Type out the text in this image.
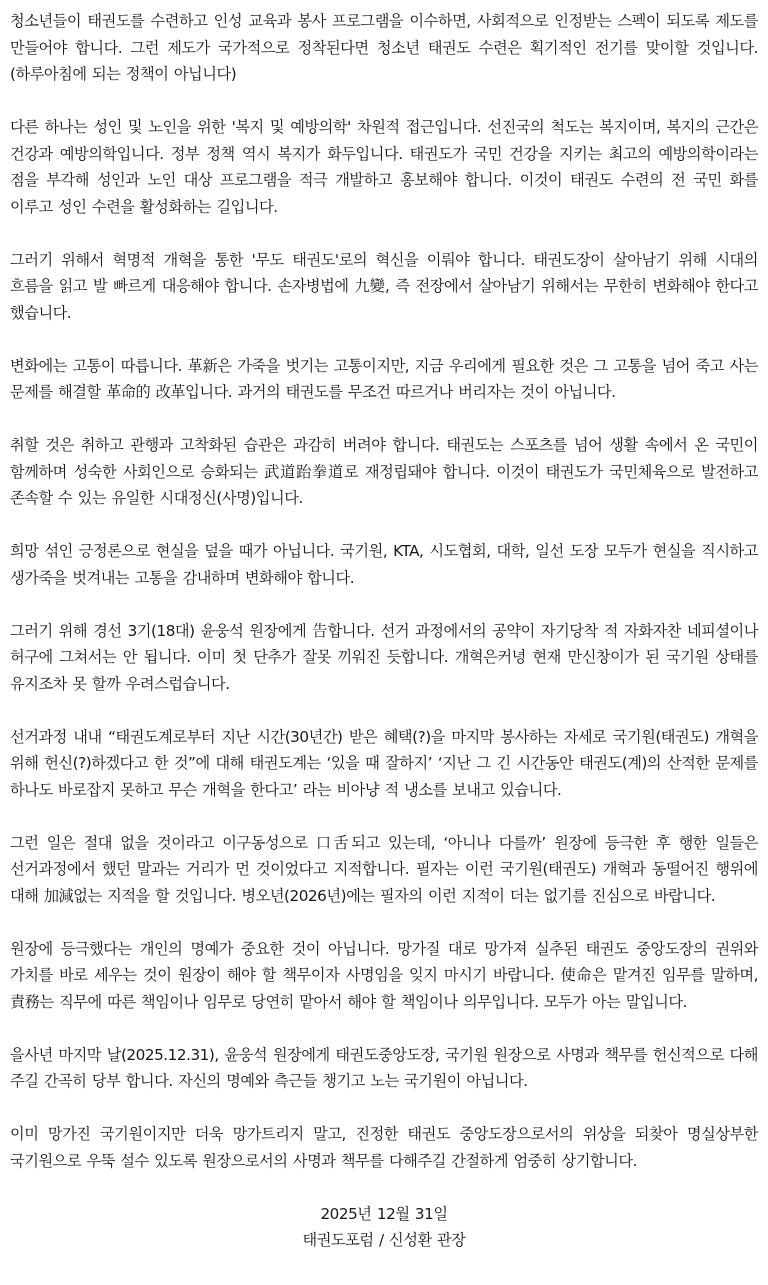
청소년들이 태권도를 수련하고 인성 교육과 봉사 프로그램을 이수하면, 사회적으로 인정받는 스펙이 되도록 제도를 만들어야 합니다. 그런 제도가 국가적으로 정착된다면 청소년 태권도 수련은 획기적인 전기를 맞이할 것입니다.(하루아침에 되는 정책이 아닙니다)

다른 하나는 성인 및 노인을 위한 '복지 및 예방의학' 차원적 접근입니다. 선진국의 척도는 복지이며, 복지의 근간은 건강과 예방의학입니다. 정부 정책 역시 복지가 화두입니다. 태권도가 국민 건강을 지키는 최고의 예방의학이라는 점을 부각해 성인과 노인 대상 프로그램을 적극 개발하고 홍보해야 합니다. 이것이 태권도 수련의 전 국민 화를 이루고 성인 수련을 활성화하는 길입니다.

그러기 위해서 혁명적 개혁을 통한 '무도 태권도'로의 혁신을 이뤄야 합니다. 태권도장이 살아남기 위해 시대의 흐름을 읽고 발 빠르게 대응해야 합니다. 손자병법에 九變, 즉 전장에서 살아남기 위해서는 무한히 변화해야 한다고 했습니다.

변화에는 고통이 따릅니다. 革新은 가죽을 벗기는 고통이지만, 지금 우리에게 필요한 것은 그 고통을 넘어 죽고 사는 문제를 해결할 革命的 改革입니다. 과거의 태권도를 무조건 따르거나 버리자는 것이 아닙니다.

취할 것은 취하고 관행과 고착화된 습관은 과감히 버려야 합니다. 태권도는 스포츠를 넘어 생활 속에서 온 국민이 함께하며 성숙한 사회인으로 승화되는 武道跆拳道로 재정립돼야 합니다. 이것이 태권도가 국민체육으로 발전하고 존속할 수 있는 유일한 시대정신(사명)입니다.

희망 섞인 긍정론으로 현실을 덮을 때가 아닙니다. 국기원, KTA, 시도협회, 대학, 일선 도장 모두가 현실을 직시하고 생가죽을 벗겨내는 고통을 감내하며 변화해야 합니다.

그러기 위해 경선 3기(18대) 윤웅석 원장에게 告합니다. 선거 과정에서의 공약이 자기당착 적 자화자찬 네피셜이나 허구에 그쳐서는 안 됩니다. 이미 첫 단추가 잘못 끼워진 듯합니다. 개혁은커녕 현재 만신창이가 된 국기원 상태를 유지조차 못 할까 우려스럽습니다.

선거과정 내내 “태권도계로부터 지난 시간(30년간) 받은 혜택(?)을 마지막 봉사하는 자세로 국기원(태권도) 개혁을 위해 헌신(?)하겠다고 한 것”에 대해 태권도계는 ‘있을 때 잘하지’ ‘지난 그 긴 시간동안 태권도(계)의 산적한 문제를 하나도 바로잡지 못하고 무슨 개혁을 한다고’ 라는 비아냥 적 냉소를 보내고 있습니다.

그런 일은 절대 없을 것이라고 이구동성으로 口舌되고 있는데, ‘아니나 다를까’ 원장에 등극한 후 행한 일들은 선거과정에서 했던 말과는 거리가 먼 것이었다고 지적합니다. 필자는 이런 국기원(태권도) 개혁과 동떨어진 행위에 대해 加減없는 지적을 할 것입니다. 병오년(2026년)에는 필자의 이런 지적이 더는 없기를 진심으로 바랍니다.

원장에 등극했다는 개인의 명예가 중요한 것이 아닙니다. 망가질 대로 망가져 실추된 태권도 중앙도장의 권위와 가치를 바로 세우는 것이 원장이 해야 할 책무이자 사명임을 잊지 마시기 바랍니다. 使命은 맡겨진 임무를 말하며, 責務는 직무에 따른 책임이나 임무로 당연히 맡아서 해야 할 책임이나 의무입니다. 모두가 아는 말입니다.

을사년 마지막 날(2025.12.31), 윤웅석 원장에게 태권도중앙도장, 국기원 원장으로 사명과 책무를 헌신적으로 다해 주길 간곡히 당부 합니다. 자신의 명예와 측근들 챙기고 노는 국기원이 아닙니다.

이미 망가진 국기원이지만 더욱 망가트리지 말고, 진정한 태권도 중앙도장으로서의 위상을 되찾아 명실상부한 국기원으로 우뚝 설수 있도록 원장으로서의 사명과 책무를 다해주길 간절하게 엄중히 상기합니다.

2025년 12월 31일
태권도포럼 / 신성환 관장
